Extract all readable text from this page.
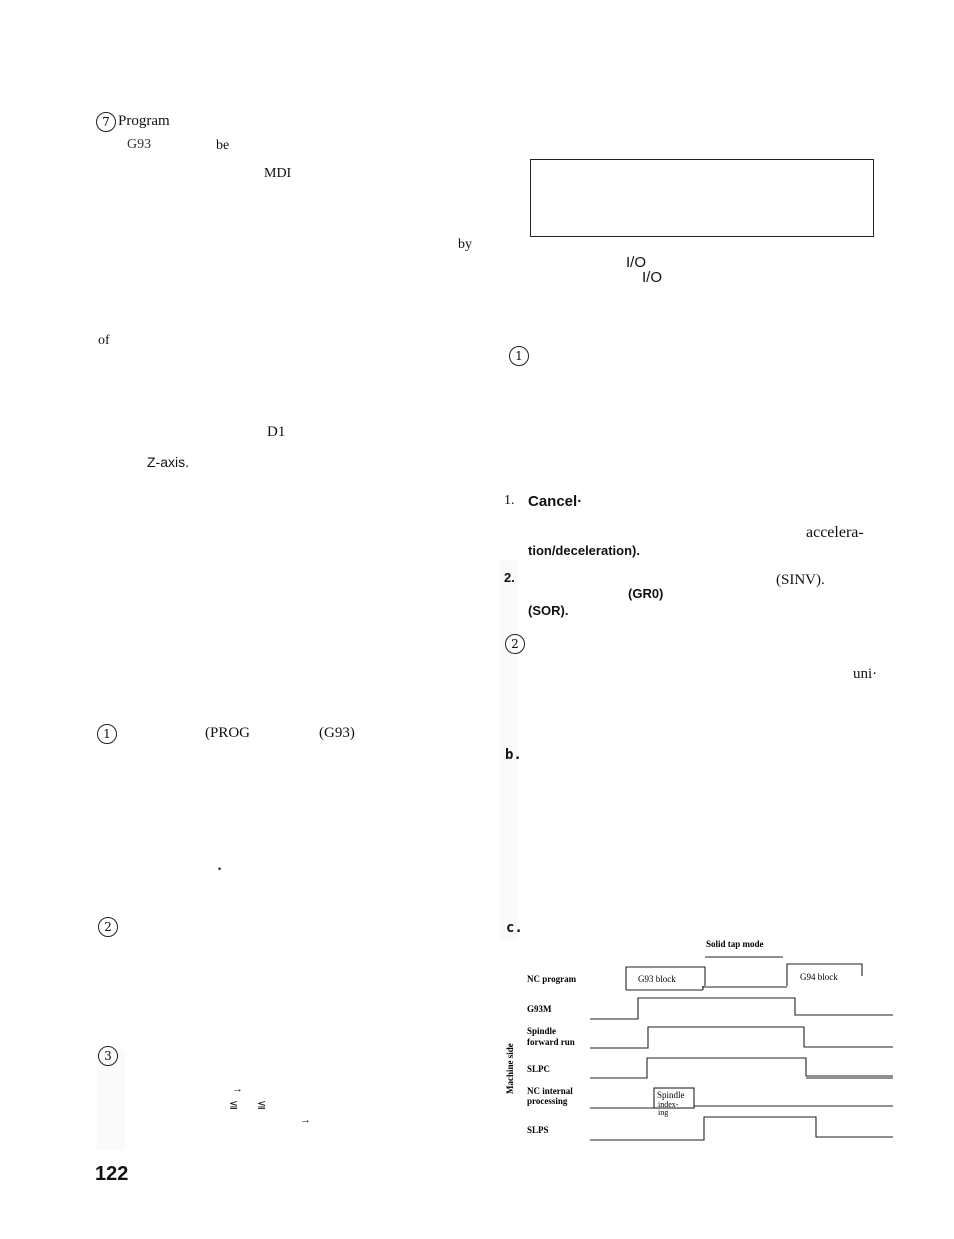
7 Program
G93	be
MDI
by
of
D1
Z-axis.
1	(PROG	(G93)
•
2
3
→
≦ ≦
→
122
I/O
I/O
1
1. Cancel·
accelera-
tion/deceleration).
2.	(SINV).
(GR0)
(SOR).
2
uni·
b.
c.
Solid tap mode
G93 block	G94 block
NC program
G93M
Spindle
forward run
SLPC
NC internal
processing
SLPS
Spindle
index-
ing
Machine side
